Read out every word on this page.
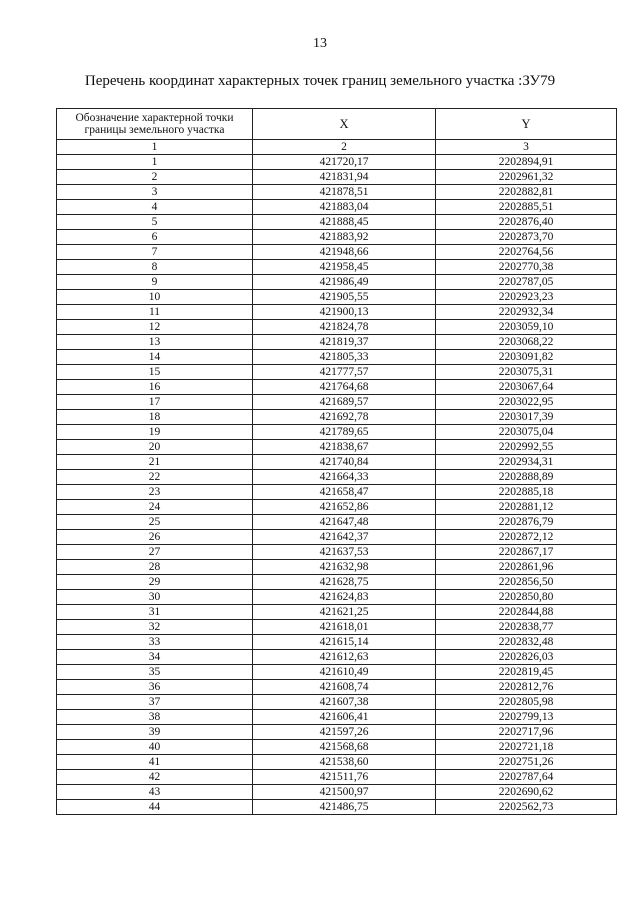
13
Перечень координат характерных точек границ земельного участка :ЗУ79
Обозначение характерной точки границы земельного участка	X	Y
1	2	3
1	421720,17	2202894,91
2	421831,94	2202961,32
3	421878,51	2202882,81
4	421883,04	2202885,51
5	421888,45	2202876,40
6	421883,92	2202873,70
7	421948,66	2202764,56
8	421958,45	2202770,38
9	421986,49	2202787,05
10	421905,55	2202923,23
11	421900,13	2202932,34
12	421824,78	2203059,10
13	421819,37	2203068,22
14	421805,33	2203091,82
15	421777,57	2203075,31
16	421764,68	2203067,64
17	421689,57	2203022,95
18	421692,78	2203017,39
19	421789,65	2203075,04
20	421838,67	2202992,55
21	421740,84	2202934,31
22	421664,33	2202888,89
23	421658,47	2202885,18
24	421652,86	2202881,12
25	421647,48	2202876,79
26	421642,37	2202872,12
27	421637,53	2202867,17
28	421632,98	2202861,96
29	421628,75	2202856,50
30	421624,83	2202850,80
31	421621,25	2202844,88
32	421618,01	2202838,77
33	421615,14	2202832,48
34	421612,63	2202826,03
35	421610,49	2202819,45
36	421608,74	2202812,76
37	421607,38	2202805,98
38	421606,41	2202799,13
39	421597,26	2202717,96
40	421568,68	2202721,18
41	421538,60	2202751,26
42	421511,76	2202787,64
43	421500,97	2202690,62
44	421486,75	2202562,73
